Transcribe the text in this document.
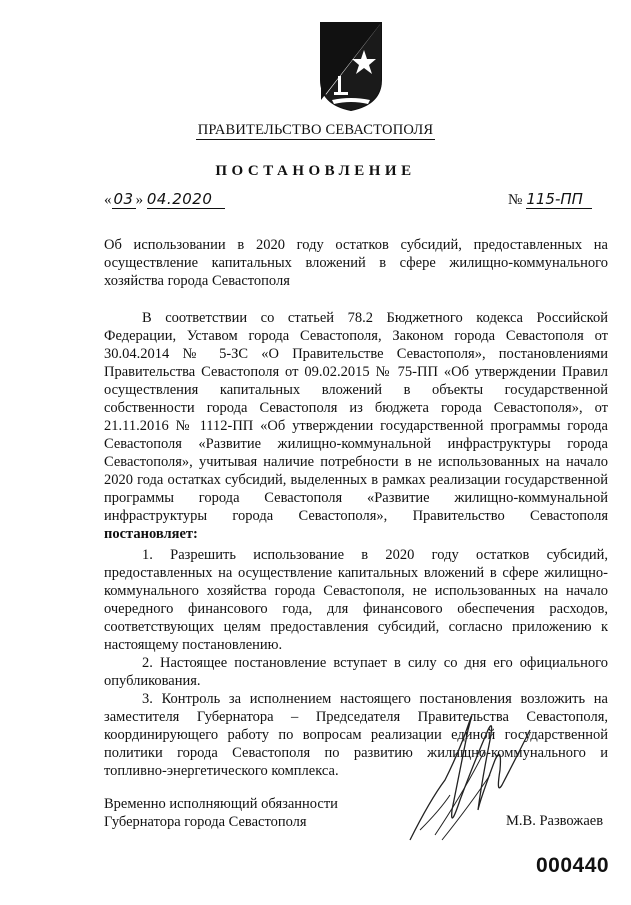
ПРАВИТЕЛЬСТВО СЕВАСТОПОЛЯ
ПОСТАНОВЛЕНИЕ
« 03 » 04.2020	№ 115-ПП
Об использовании в 2020 году остатков субсидий, предоставленных на осуществление капитальных вложений в сфере жилищно-коммунального хозяйства города Севастополя
В соответствии со статьей 78.2 Бюджетного кодекса Российской Федерации, Уставом города Севастополя, Законом города Севастополя от 30.04.2014 № 5-ЗС «О Правительстве Севастополя», постановлениями Правительства Севастополя от 09.02.2015 № 75-ПП «Об утверждении Правил осуществления капитальных вложений в объекты государственной собственности города Севастополя из бюджета города Севастополя», от 21.11.2016 № 1112-ПП «Об утверждении государственной программы города Севастополя «Развитие жилищно-коммунальной инфраструктуры города Севастополя», учитывая наличие потребности в не использованных на начало 2020 года остатках субсидий, выделенных в рамках реализации государственной программы города Севастополя «Развитие жилищно-коммунальной инфраструктуры города Севастополя», Правительство Севастополя постановляет:

1. Разрешить использование в 2020 году остатков субсидий, предоставленных на осуществление капитальных вложений в сфере жилищно-коммунального хозяйства города Севастополя, не использованных на начало очередного финансового года, для финансового обеспечения расходов, соответствующих целям предоставления субсидий, согласно приложению к настоящему постановлению.

2. Настоящее постановление вступает в силу со дня его официального опубликования.

3. Контроль за исполнением настоящего постановления возложить на заместителя Губернатора – Председателя Правительства Севастополя, координирующего работу по вопросам реализации единой государственной политики города Севастополя по развитию жилищно-коммунального и топливно-энергетического комплекса.

Временно исполняющий обязанности
Губернатора города Севастополя	М.В. Развожаев
000440
